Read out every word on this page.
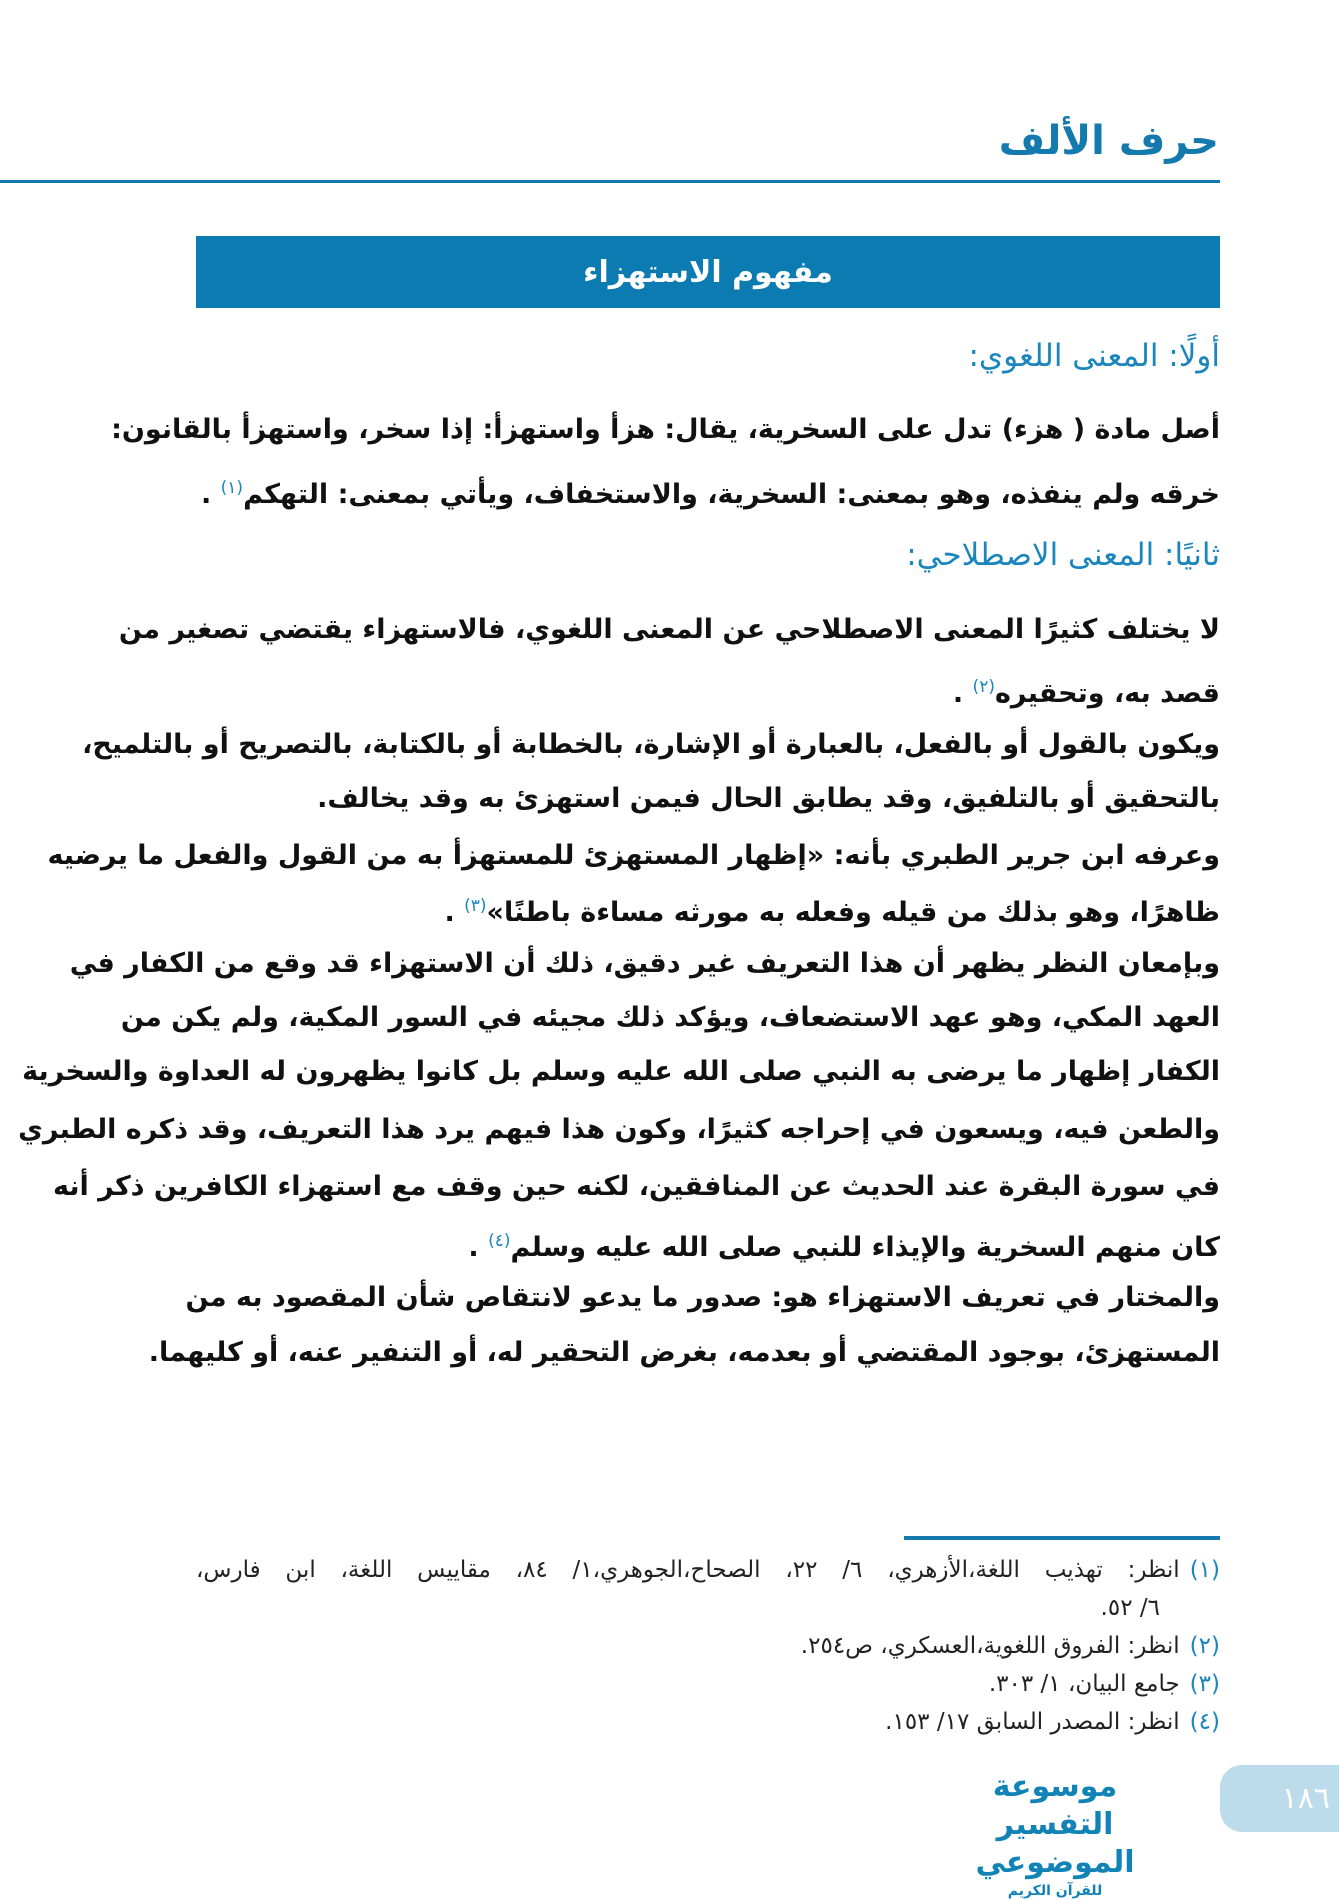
حرف الألف
مفهوم الاستهزاء
أولًا: المعنى اللغوي:
ثانيًا: المعنى الاصطلاحي:
أصل مادة ( هزء) تدل على السخرية، يقال: هزأ واستهزأ: إذا سخر، واستهزأ بالقانون:
خرقه ولم ينفذه، وهو بمعنى: السخرية، والاستخفاف، ويأتي بمعنى: التهكم$^{(١)}$ .
لا يختلف كثيرًا المعنى الاصطلاحي عن المعنى اللغوي، فالاستهزاء يقتضي تصغير من
قصد به، وتحقيره$^{(٢)}$ .
ويكون بالقول أو بالفعل، بالعبارة أو الإشارة، بالخطابة أو بالكتابة، بالتصريح أو بالتلميح،
بالتحقيق أو بالتلفيق، وقد يطابق الحال فيمن استهزئ به وقد يخالف.
وعرفه ابن جرير الطبري بأنه: «إظهار المستهزئ للمستهزأ به من القول والفعل ما يرضيه
ظاهرًا، وهو بذلك من قيله وفعله به مورثه مساءة باطنًا»$^{(٣)}$ .
وبإمعان النظر يظهر أن هذا التعريف غير دقيق، ذلك أن الاستهزاء قد وقع من الكفار في
العهد المكي، وهو عهد الاستضعاف، ويؤكد ذلك مجيئه في السور المكية، ولم يكن من
الكفار إظهار ما يرضى به النبي صلى الله عليه وسلم بل كانوا يظهرون له العداوة والسخرية
والطعن فيه، ويسعون في إحراجه كثيرًا، وكون هذا فيهم يرد هذا التعريف، وقد ذكره الطبري
في سورة البقرة عند الحديث عن المنافقين، لكنه حين وقف مع استهزاء الكافرين ذكر أنه
كان منهم السخرية والإيذاء للنبي صلى الله عليه وسلم$^{(٤)}$ .
والمختار في تعريف الاستهزاء هو: صدور ما يدعو لانتقاص شأن المقصود به من
المستهزئ، بوجود المقتضي أو بعدمه، بغرض التحقير له، أو التنفير عنه، أو كليهما.
(١)انظر: تهذيب اللغة،الأزهري، ٦/ ٢٢، الصحاح،الجوهري،١/ ٨٤، مقاييس اللغة، ابن فارس،
٦/ ٥٢.
(٢)انظر: الفروق اللغوية،العسكري، ص٢٥٤.
(٣)جامع البيان، ١/ ٣٠٣.
(٤)انظر: المصدر السابق ١٧/ ١٥٣.
موسوعة التفسير الموضوعي
للقرآن الكريم
١٨٦
